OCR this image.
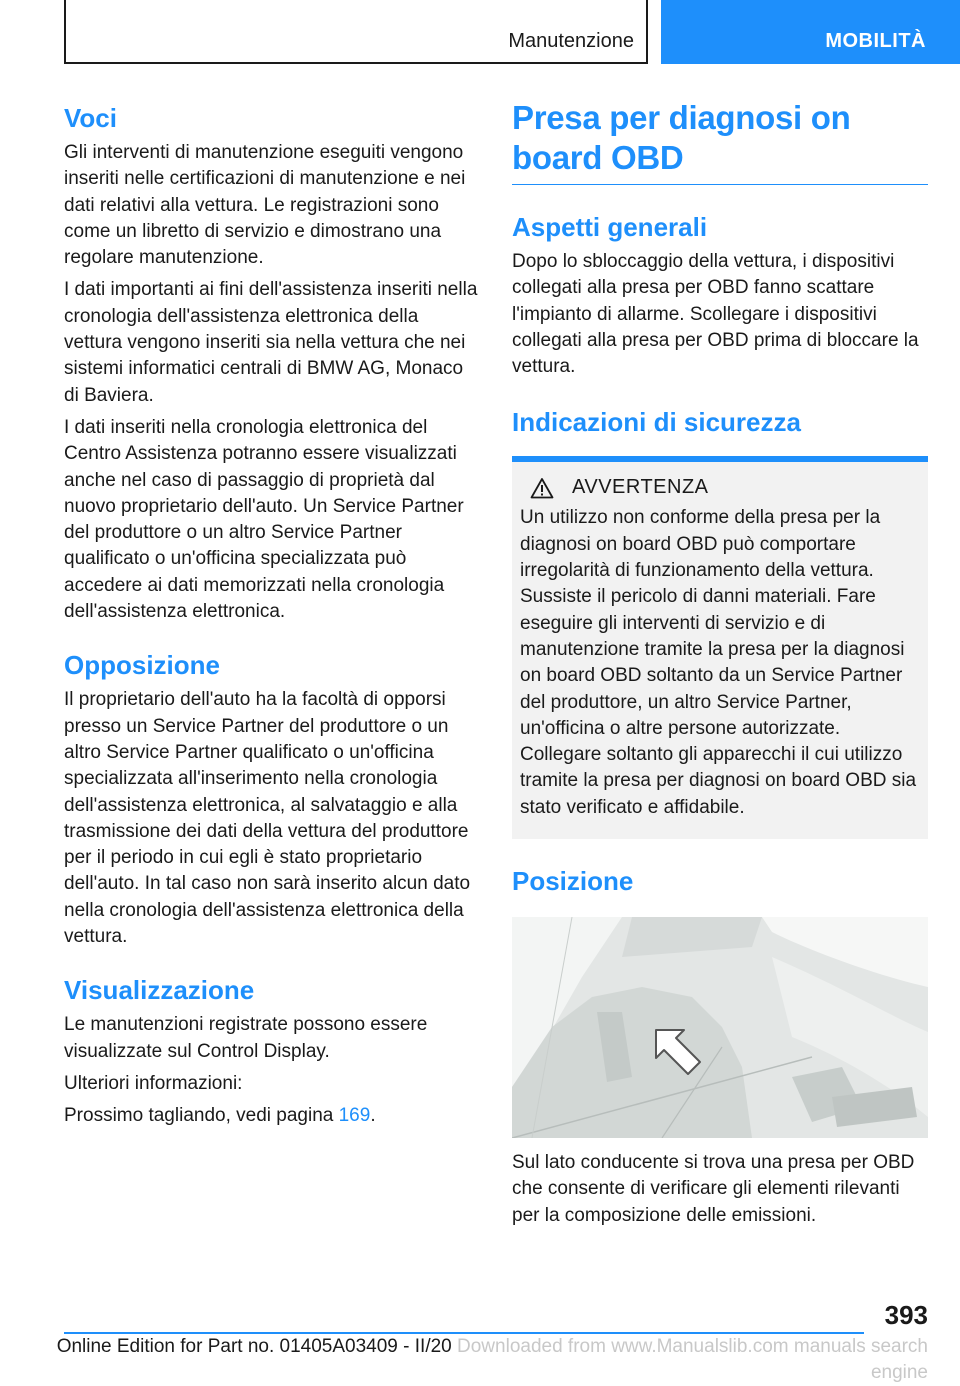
Manutenzione	MOBILITÀ
Voci

Gli interventi di manutenzione eseguiti vengono inseriti nelle certificazioni di manutenzione e nei dati relativi alla vettura. Le registrazioni sono come un libretto di servizio e dimostrano una regolare manutenzione.

I dati importanti ai fini dell'assistenza inseriti nella cronologia dell'assistenza elettronica della vettura vengono inseriti sia nella vettura che nei sistemi informatici centrali di BMW AG, Monaco di Baviera.

I dati inseriti nella cronologia elettronica del Centro Assistenza potranno essere visualizzati anche nel caso di passaggio di proprietà dal nuovo proprietario dell'auto. Un Service Partner del produttore o un altro Service Partner qualificato o un'officina specializzata può accedere ai dati memorizzati nella cronologia dell'assistenza elettronica.

Opposizione

Il proprietario dell'auto ha la facoltà di opporsi presso un Service Partner del produttore o un altro Service Partner qualificato o un'officina specializzata all'inserimento nella cronologia dell'assistenza elettronica, al salvataggio e alla trasmissione dei dati della vettura del produttore per il periodo in cui egli è stato proprietario dell'auto. In tal caso non sarà inserito alcun dato nella cronologia dell'assistenza elettronica della vettura.

Visualizzazione

Le manutenzioni registrate possono essere visualizzate sul Control Display.

Ulteriori informazioni:

Prossimo tagliando, vedi pagina 169.

Presa per diagnosi on board OBD
Aspetti generali

Dopo lo sbloccaggio della vettura, i dispositivi collegati alla presa per OBD fanno scattare l'impianto di allarme. Scollegare i dispositivi collegati alla presa per OBD prima di bloccare la vettura.

Indicazioni di sicurezza
AVVERTENZA

Un utilizzo non conforme della presa per la diagnosi on board OBD può comportare irregolarità di funzionamento della vettura. Sussiste il pericolo di danni materiali. Fare eseguire gli interventi di servizio e di manutenzione tramite la presa per la diagnosi on board OBD soltanto da un Service Partner del produttore, un altro Service Partner, un'officina o altre persone autorizzate. Collegare soltanto gli apparecchi il cui utilizzo tramite la presa per diagnosi on board OBD sia stato verificato e affidabile.

Posizione

Sul lato conducente si trova una presa per OBD che consente di verificare gli elementi rilevanti per la composizione delle emissioni.

393
Online Edition for Part no. 01405A03409 - II/20 Downloaded from www.Manualslib.com manuals search engine
